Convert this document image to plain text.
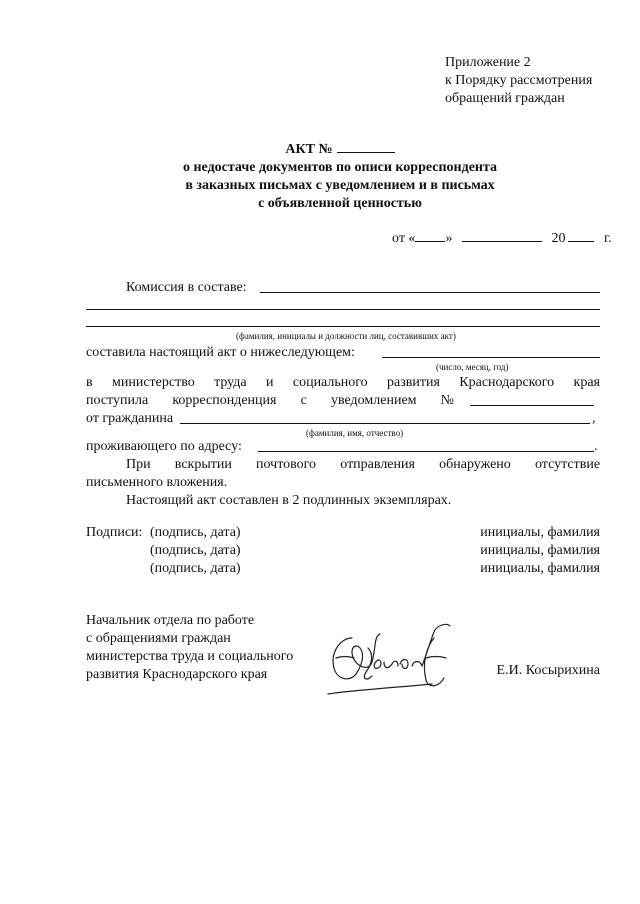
Приложение 2
к Порядку рассмотрения
обращений граждан
АКТ №
о недостаче документов по описи корреспондента
в заказных письмах с уведомлением и в письмах
с объявленной ценностью
от « »	20	г.
Комиссия в составе:
(фамилия, инициалы и должности лиц, составивших акт)
составила настоящий акт о нижеследующем:
(число, месяц, год)
в министерство труда и социального развития Краснодарского края
поступила корреспонденция с уведомлением №
от гражданина	,
(фамилия, имя, отчество)
проживающего по адресу:	.
При вскрытии почтового отправления обнаружено отсутствие
письменного вложения.
Настоящий акт составлен в 2 подлинных экземплярах.
Подписи: (подпись, дата)	инициалы, фамилия
(подпись, дата)	инициалы, фамилия
(подпись, дата)	инициалы, фамилия
Начальник отдела по работе
с обращениями граждан
министерства труда и социального
развития Краснодарского края	Е.И. Косырихина
